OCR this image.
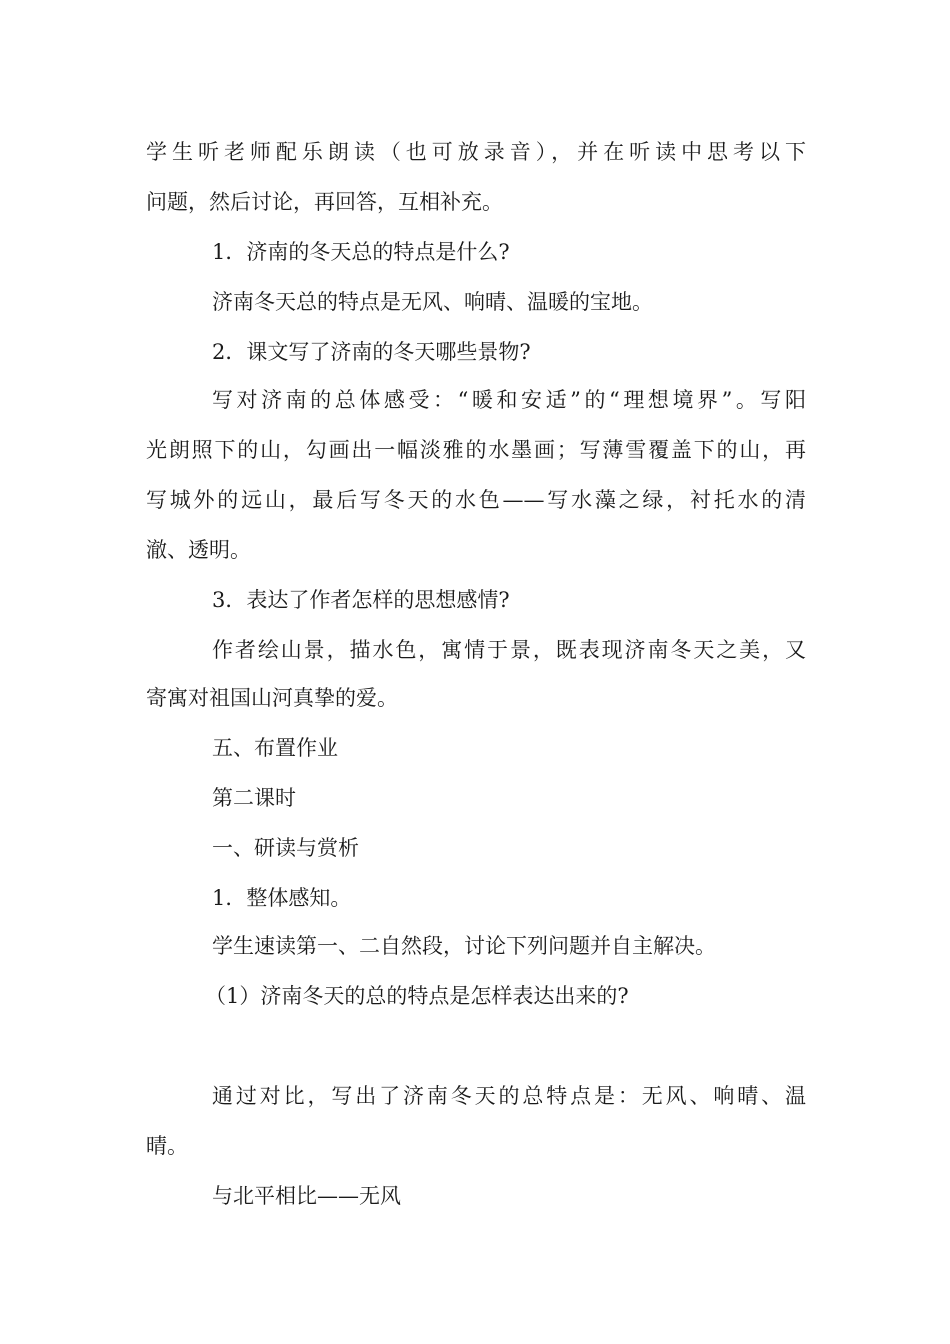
学生听老师配乐朗读（也可放录音），并在听读中思考以下

问题，然后讨论，再回答，互相补充。

1．济南的冬天总的特点是什么?

济南冬天总的特点是无风、响晴、温暖的宝地。

2．课文写了济南的冬天哪些景物?

写对济南的总体感受：“暖和安适”的“理想境界”。写阳

光朗照下的山，勾画出一幅淡雅的水墨画；写薄雪覆盖下的山，再

写城外的远山，最后写冬天的水色——写水藻之绿，衬托水的清

澈、透明。

3．表达了作者怎样的思想感情?

作者绘山景，描水色，寓情于景，既表现济南冬天之美，又

寄寓对祖国山河真挚的爱。

五、布置作业

第二课时

一、研读与赏析

1．整体感知。

学生速读第一、二自然段，讨论下列问题并自主解决。

（1）济南冬天的总的特点是怎样表达出来的?

通过对比，写出了济南冬天的总特点是：无风、响晴、温

晴。

与北平相比——无风
